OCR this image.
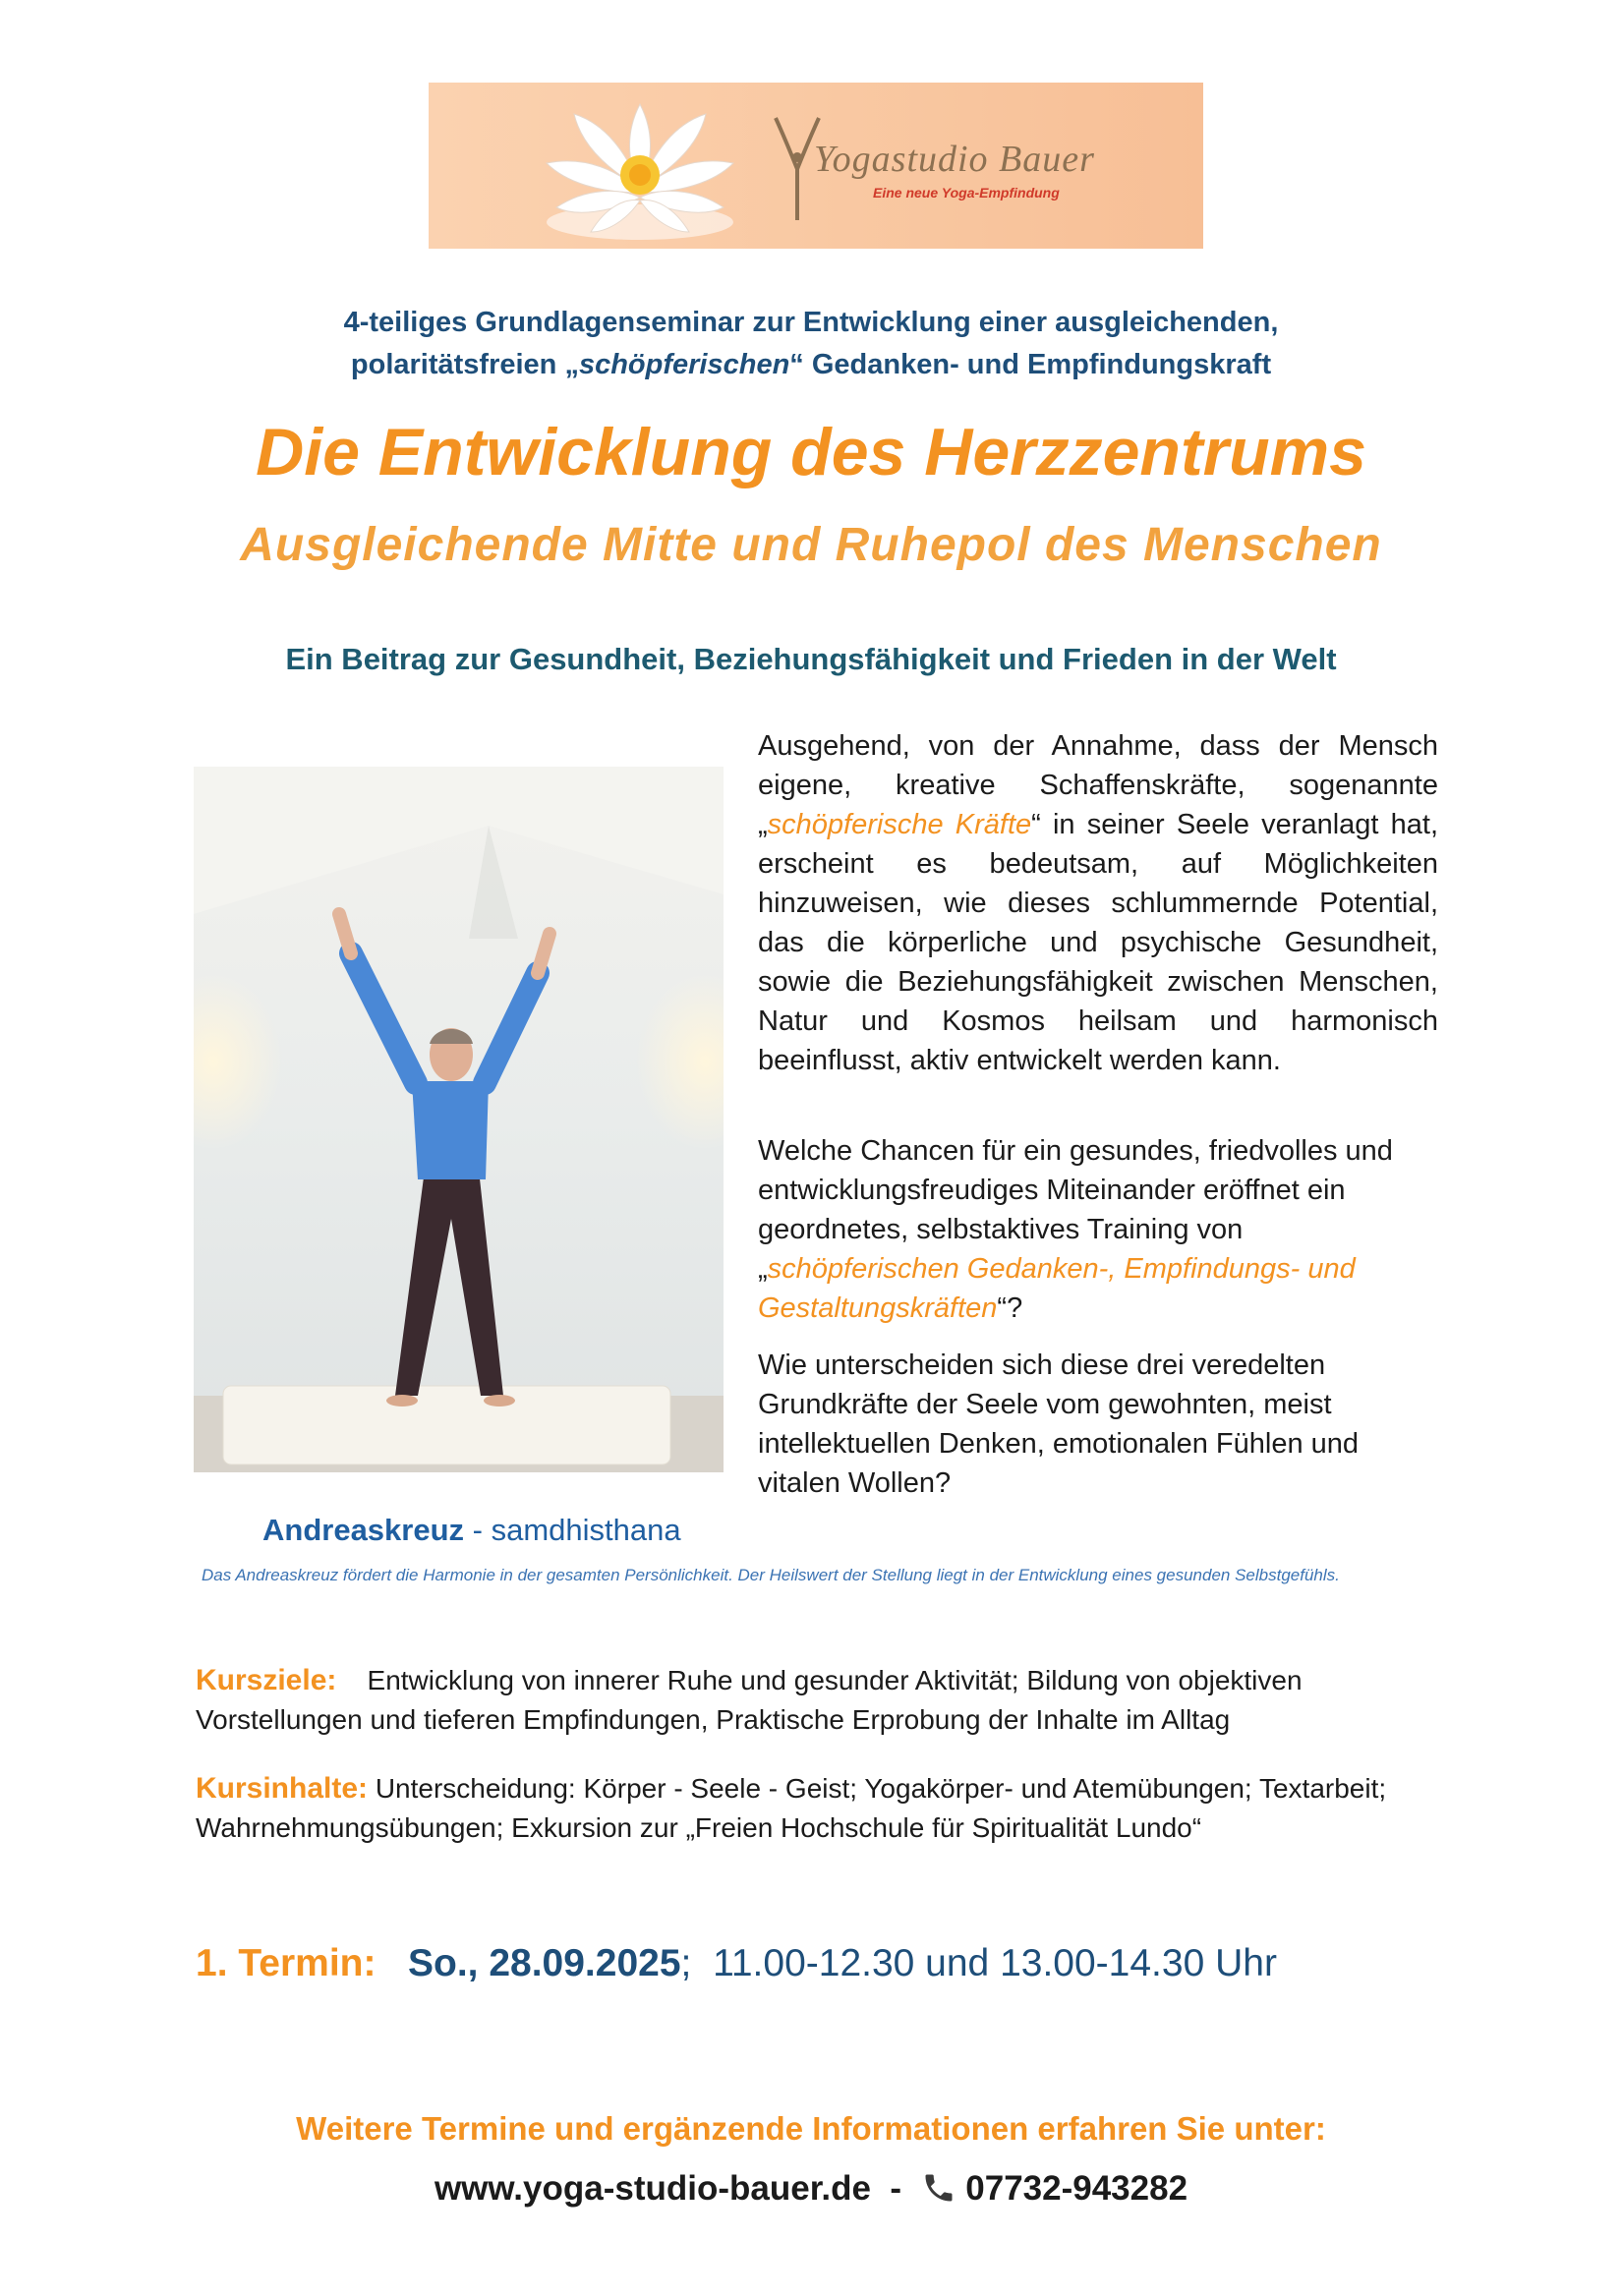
Yogastudio Bauer
Eine neue Yoga-Empfindung
4-teiliges Grundlagenseminar zur Entwicklung einer ausgleichenden,
polaritätsfreien „schöpferischen“ Gedanken- und Empfindungskraft
Die Entwicklung des Herzzentrums
Ausgleichende Mitte und Ruhepol des Menschen
Ein Beitrag zur Gesundheit, Beziehungsfähigkeit und Frieden in der Welt
Andreaskreuz - samdhisthana
Das Andreaskreuz fördert die Harmonie in der gesamten Persönlichkeit. Der Heilswert der Stellung liegt in der Entwicklung eines gesunden Selbstgefühls.
Ausgehend, von der Annahme, dass der Mensch eigene, kreative Schaffenskräfte, sogenannte „schöpferische Kräfte“ in seiner Seele veranlagt hat, erscheint es bedeutsam, auf Möglichkeiten hinzuweisen, wie dieses schlummernde Potential, das die körperliche und psychische Gesundheit, sowie die Beziehungsfähigkeit zwischen Menschen, Natur und Kosmos heilsam und harmonisch beeinflusst, aktiv entwickelt werden kann.
Welche Chancen für ein gesundes, friedvolles und entwicklungsfreudiges Miteinander eröffnet ein geordnetes, selbstaktives Training von „schöpferischen Gedanken-, Empfindungs- und Gestaltungskräften“?
Wie unterscheiden sich diese drei veredelten Grundkräfte der Seele vom gewohnten, meist intellektuellen Denken, emotionalen Fühlen und vitalen Wollen?
Kursziele: Entwicklung von innerer Ruhe und gesunder Aktivität; Bildung von objektiven Vorstellungen und tieferen Empfindungen, Praktische Erprobung der Inhalte im Alltag
Kursinhalte: Unterscheidung: Körper - Seele - Geist; Yogakörper- und Atemübungen; Textarbeit; Wahrnehmungsübungen; Exkursion zur „Freien Hochschule für Spiritualität Lundo“
1. Termin: So., 28.09.2025;  11.00-12.30 und 13.00-14.30 Uhr
Weitere Termine und ergänzende Informationen erfahren Sie unter:
www.yoga-studio-bauer.de - 07732-943282
